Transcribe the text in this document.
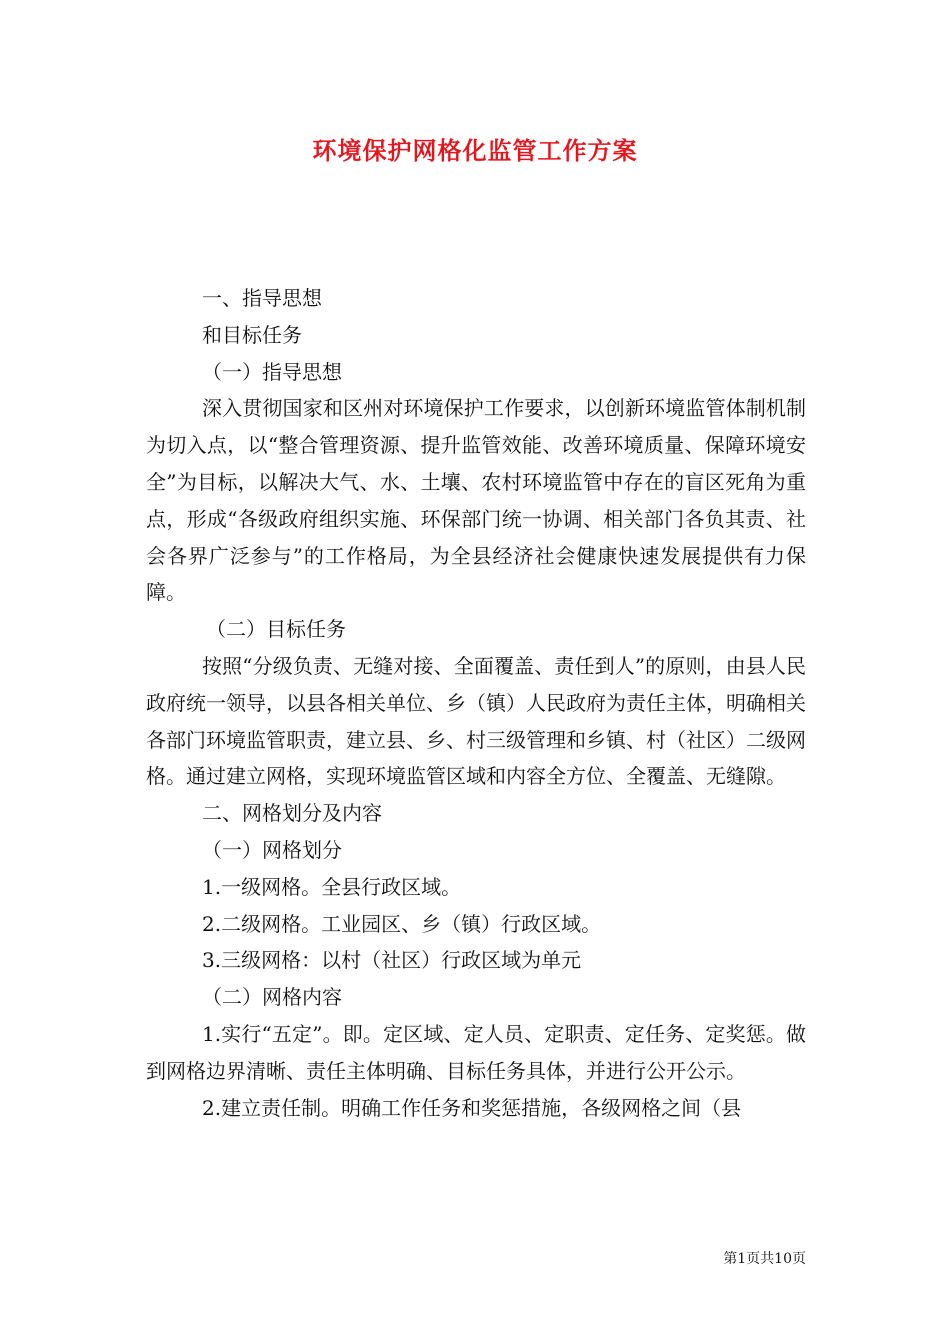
环境保护网格化监管工作方案

一、指导思想

和目标任务

（一）指导思想

深入贯彻国家和区州对环境保护工作要求，以创新环境监管体制机制为切入点，以“整合管理资源、提升监管效能、改善环境质量、保障环境安全”为目标，以解决大气、水、土壤、农村环境监管中存在的盲区死角为重点，形成“各级政府组织实施、环保部门统一协调、相关部门各负其责、社会各界广泛参与”的工作格局，为全县经济社会健康快速发展提供有力保障。

（二）目标任务

按照“分级负责、无缝对接、全面覆盖、责任到人”的原则，由县人民政府统一领导，以县各相关单位、乡（镇）人民政府为责任主体，明确相关各部门环境监管职责，建立县、乡、村三级管理和乡镇、村（社区）二级网格。通过建立网格，实现环境监管区域和内容全方位、全覆盖、无缝隙。

二、网格划分及内容

（一）网格划分

1.一级网格。全县行政区域。

2.二级网格。工业园区、乡（镇）行政区域。

3.三级网格：以村（社区）行政区域为单元

（二）网格内容

1.实行“五定”。即。定区域、定人员、定职责、定任务、定奖惩。做到网格边界清晰、责任主体明确、目标任务具体，并进行公开公示。

2.建立责任制。明确工作任务和奖惩措施，各级网格之间（县

第1页共10页
